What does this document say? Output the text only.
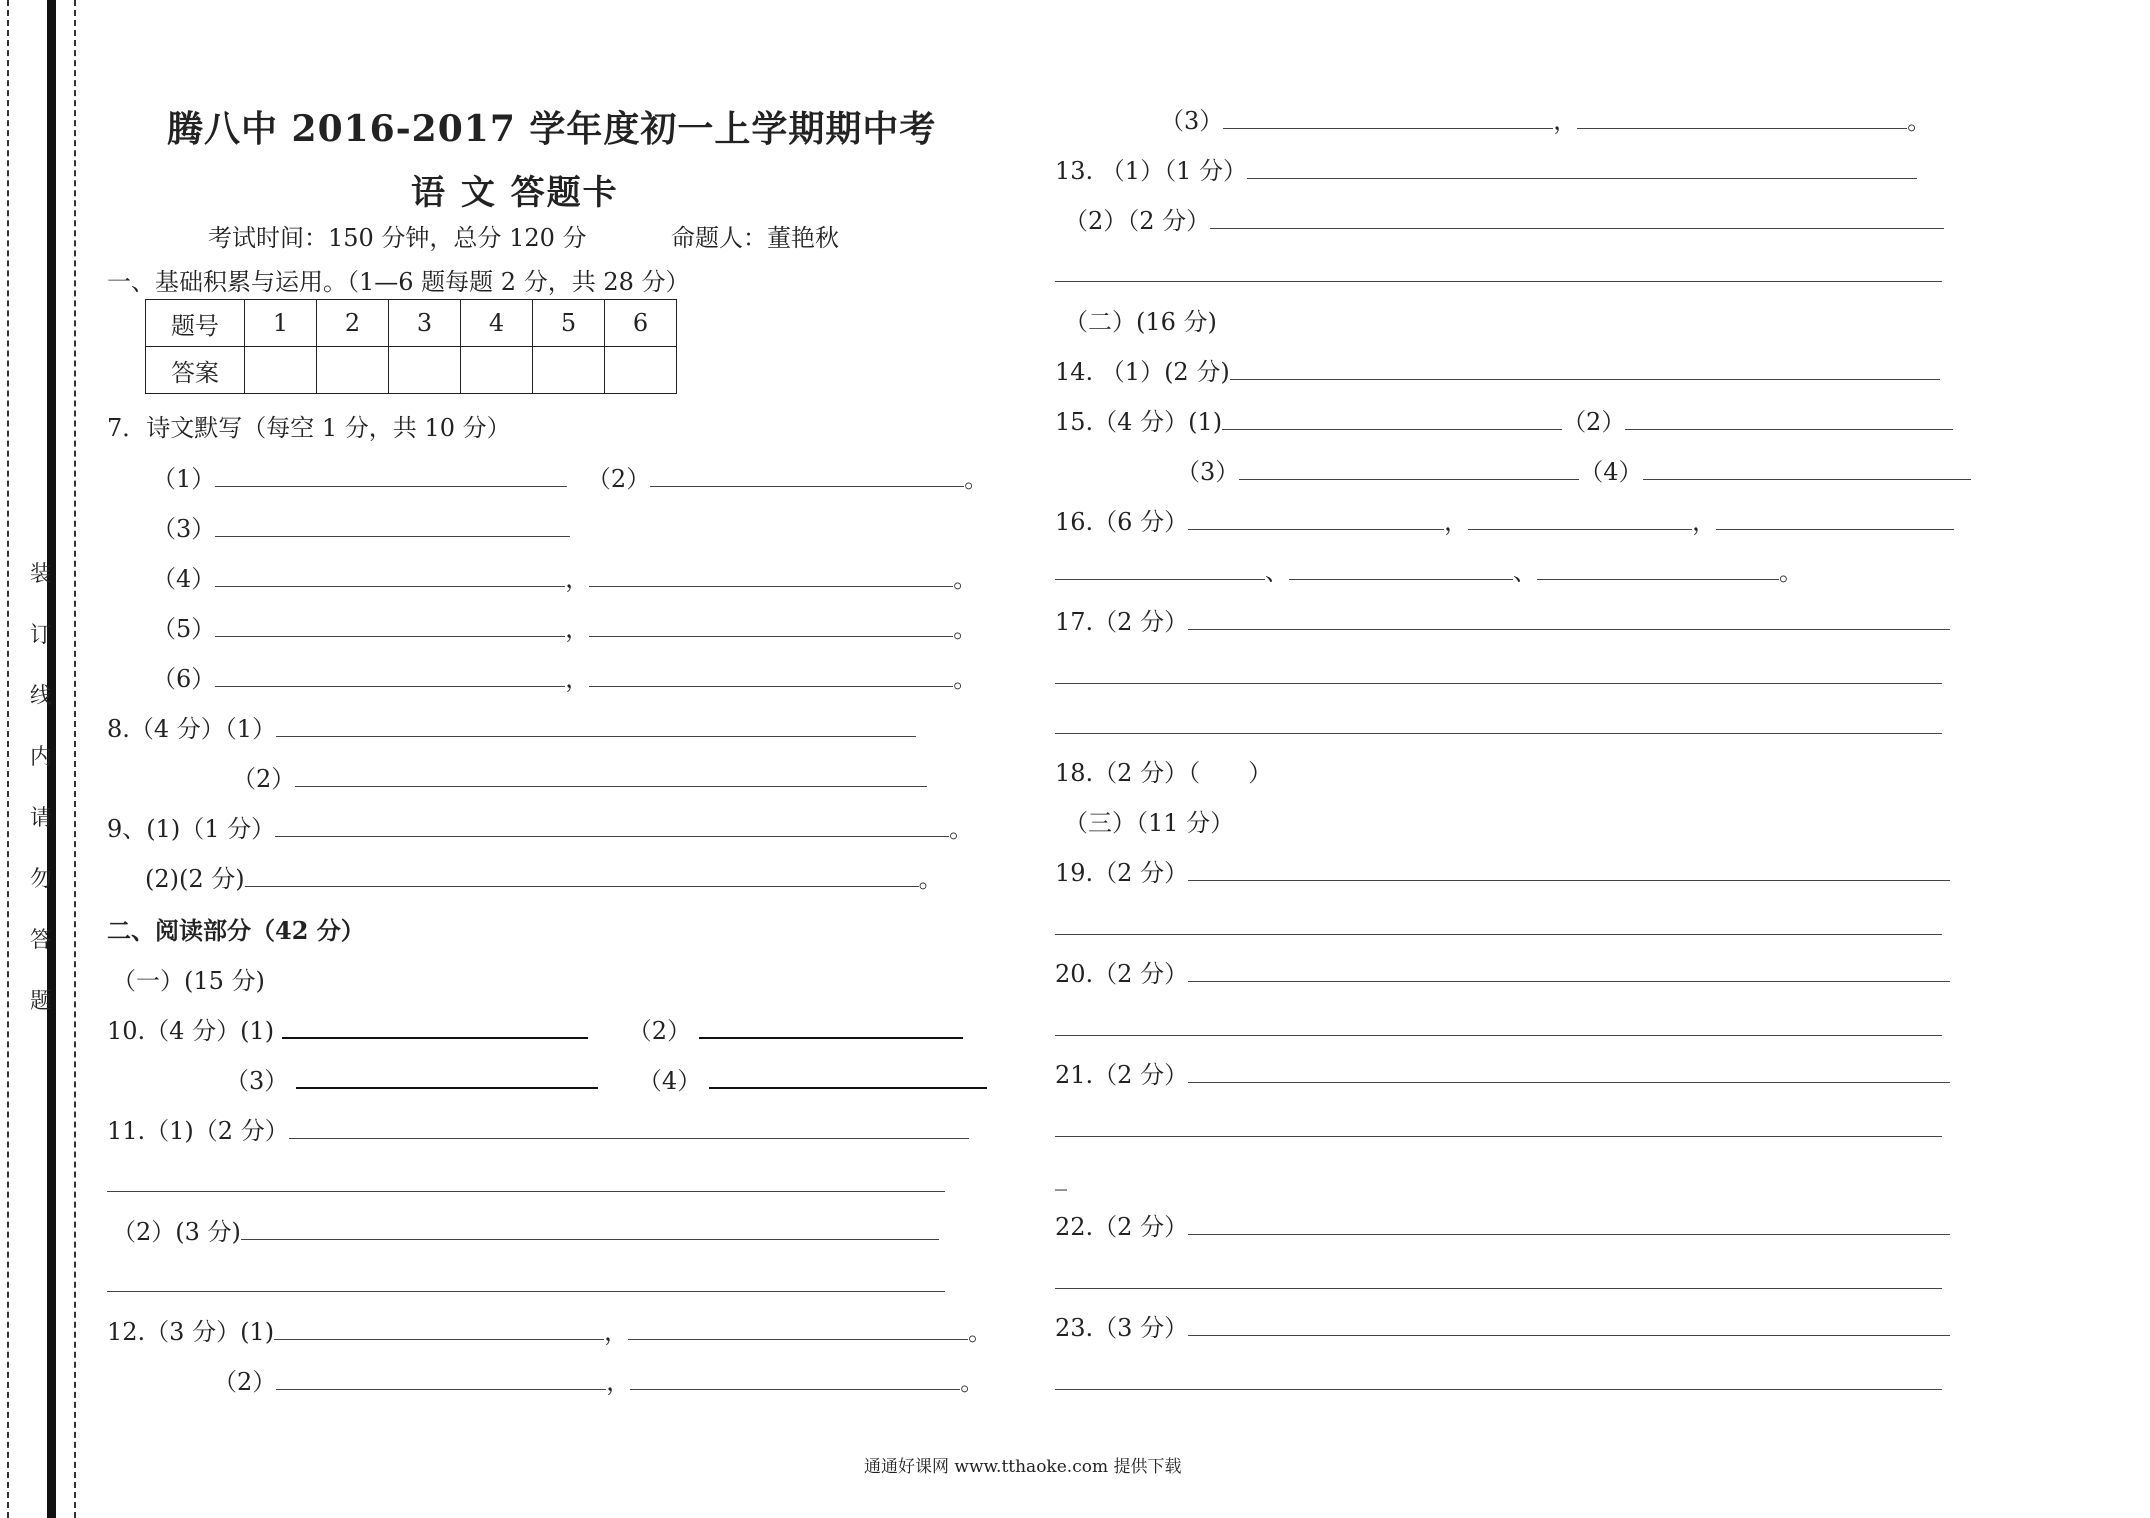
装
订
线
内
请
勿
答
题
腾八中 2016-2017 学年度初一上学期期中考
语 文 答题卡
考试时间：150 分钟，总分 120 分	命题人：董艳秋
一、基础积累与运用。（1—6 题每题 2 分，共 28 分）
题号	1	2	3	4	5	6
答案						
7．诗文默写（每空 1 分，共 10 分）
（1）	（2）	。
（3）
（4）	，	。
（5）	，	。
（6）	，	。
8.（4 分）（1）
（2）
9、(1)（1 分）	。
(2)(2 分)	。
二、阅读部分（42 分）
（一）(15 分)
10.（4 分）(1)	（2）
（3）	（4）
11.（1)（2 分）
（2）(3 分)
12.（3 分）(1)	，	。
（2）	，	。
（3）	，	。
13. （1）（1 分）
（2）（2 分）
（二）(16 分)
14. （1）(2 分)
15.（4 分）(1)	（2）
（3）	（4）
16.（6 分）	，	，
、	、	。
17.（2 分）
18.（2 分）（　　）
（三）（11 分）
19.（2 分）
20.（2 分）
21.（2 分）
_
22.（2 分）
23.（3 分）
通通好课网 www.tthaoke.com 提供下载
